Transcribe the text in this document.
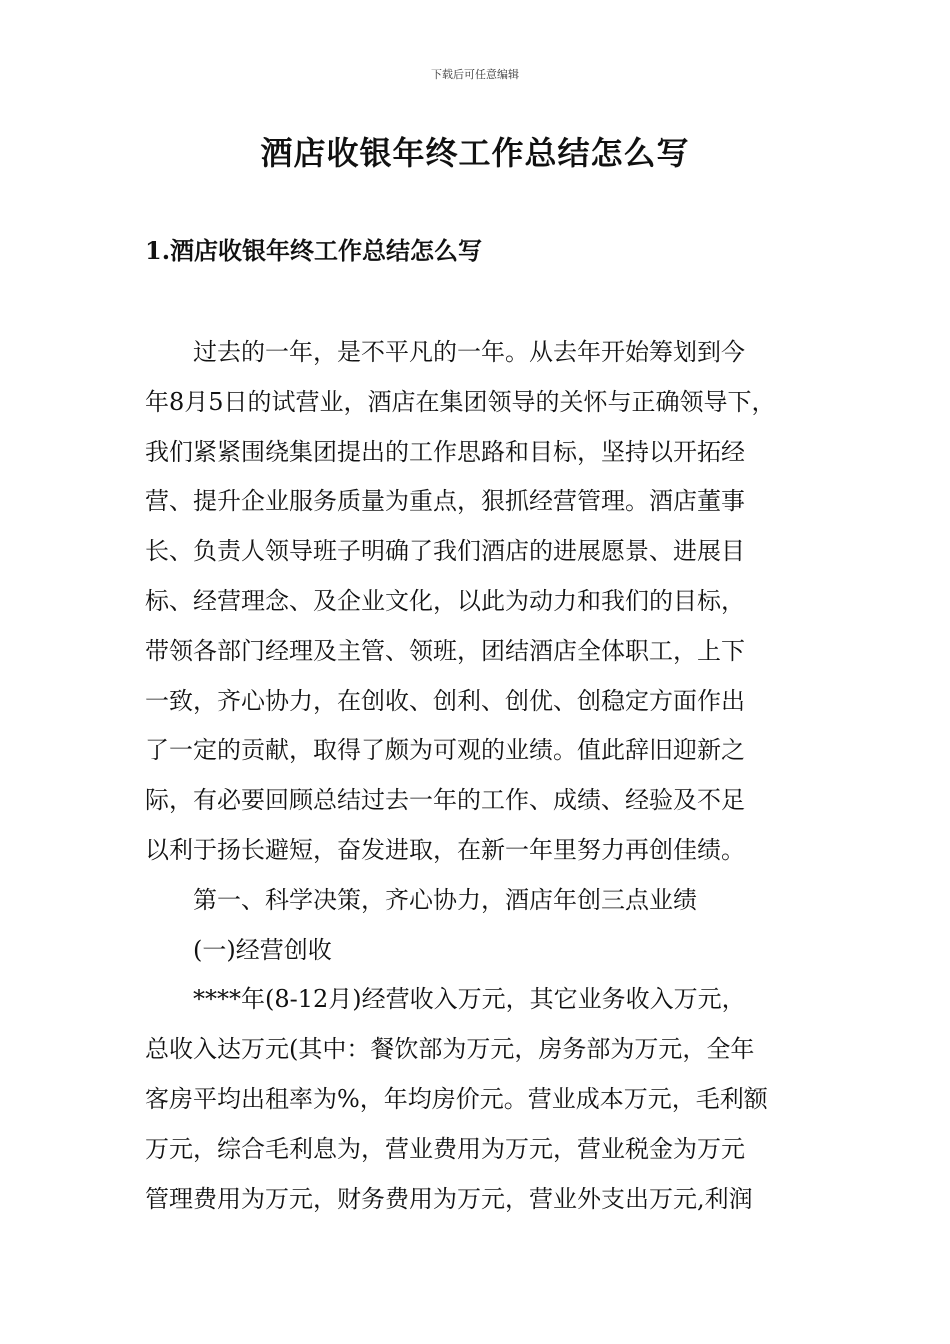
下载后可任意编辑
酒店收银年终工作总结怎么写
1.酒店收银年终工作总结怎么写

过去的一年，是不平凡的一年。从去年开始筹划到今
年8月5日的试营业，酒店在集团领导的关怀与正确领导下，
我们紧紧围绕集团提出的工作思路和目标，坚持以开拓经
营、提升企业服务质量为重点，狠抓经营管理。酒店董事
长、负责人领导班子明确了我们酒店的进展愿景、进展目
标、经营理念、及企业文化，以此为动力和我们的目标，
带领各部门经理及主管、领班，团结酒店全体职工，上下
一致，齐心协力，在创收、创利、创优、创稳定方面作出
了一定的贡献，取得了颇为可观的业绩。值此辞旧迎新之
际，有必要回顾总结过去一年的工作、成绩、经验及不足
以利于扬长避短，奋发进取，在新一年里努力再创佳绩。

第一、科学决策，齐心协力，酒店年创三点业绩

(一)经营创收

****年(8-12月)经营收入万元，其它业务收入万元，
总收入达万元(其中：餐饮部为万元，房务部为万元，全年
客房平均出租率为%，年均房价元。营业成本万元，毛利额
万元，综合毛利息为，营业费用为万元，营业税金为万元
管理费用为万元，财务费用为万元，营业外支出万元,利润
